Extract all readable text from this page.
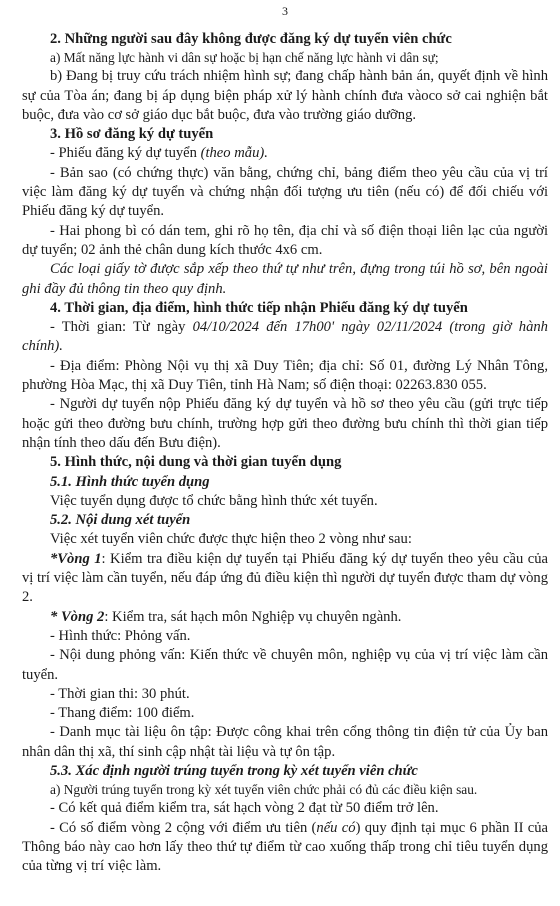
3

2. Những người sau đây không được đăng ký dự tuyển viên chức

a) Mất năng lực hành vi dân sự hoặc bị hạn chế năng lực hành vi dân sự;

b) Đang bị truy cứu trách nhiệm hình sự; đang chấp hành bản án, quyết định về hình sự của Tòa án; đang bị áp dụng biện pháp xử lý hành chính đưa vàoco sở cai nghiện bắt buộc, đưa vào cơ sở giáo dục bắt buộc, đưa vào trường giáo dưỡng.

3. Hồ sơ đăng ký dự tuyển

- Phiếu đăng ký dự tuyển (theo mẫu).

- Bản sao (có chứng thực) văn bằng, chứng chỉ, bảng điểm theo yêu cầu của vị trí việc làm đăng ký dự tuyển và chứng nhận đối tượng ưu tiên (nếu có) để đối chiếu với Phiếu đăng ký dự tuyển.

- Hai phong bì có dán tem, ghi rõ họ tên, địa chỉ và số điện thoại liên lạc của người dự tuyển; 02 ảnh thẻ chân dung kích thước 4x6 cm.

Các loại giấy tờ được sắp xếp theo thứ tự như trên, đựng trong túi hồ sơ, bên ngoài ghi đầy đủ thông tin theo quy định.

4. Thời gian, địa điểm, hình thức tiếp nhận Phiếu đăng ký dự tuyển

- Thời gian: Từ ngày 04/10/2024 đến 17h00' ngày 02/11/2024 (trong giờ hành chính).

- Địa điểm: Phòng Nội vụ thị xã Duy Tiên; địa chỉ: Số 01, đường Lý Nhân Tông, phường Hòa Mạc, thị xã Duy Tiên, tỉnh Hà Nam; số điện thoại: 02263.830 055.

- Người dự tuyển nộp Phiếu đăng ký dự tuyển và hồ sơ theo yêu cầu (gửi trực tiếp hoặc gửi theo đường bưu chính, trường hợp gửi theo đường bưu chính thì thời gian tiếp nhận tính theo dấu đến Bưu điện).

5. Hình thức, nội dung và thời gian tuyển dụng

5.1. Hình thức tuyển dụng

Việc tuyển dụng được tổ chức bằng hình thức xét tuyển.

5.2. Nội dung xét tuyển

Việc xét tuyển viên chức được thực hiện theo 2 vòng như sau:

*Vòng 1: Kiểm tra điều kiện dự tuyển tại Phiếu đăng ký dự tuyển theo yêu cầu của vị trí việc làm cần tuyển, nếu đáp ứng đủ điều kiện thì người dự tuyển được tham dự vòng 2.

* Vòng 2: Kiểm tra, sát hạch môn Nghiệp vụ chuyên ngành.

- Hình thức: Phỏng vấn.

- Nội dung phỏng vấn: Kiến thức về chuyên môn, nghiệp vụ của vị trí việc làm cần tuyển.

- Thời gian thi: 30 phút.

- Thang điểm: 100 điểm.

- Danh mục tài liệu ôn tập: Được công khai trên cổng thông tin điện tử của Ủy ban nhân dân thị xã, thí sinh cập nhật tài liệu và tự ôn tập.

5.3. Xác định người trúng tuyển trong kỳ xét tuyển viên chức

a) Người trúng tuyển trong kỳ xét tuyển viên chức phải có đủ các điều kiện sau.

- Có kết quả điểm kiểm tra, sát hạch vòng 2 đạt từ 50 điểm trở lên.

- Có số điểm vòng 2 cộng với điểm ưu tiên (nếu có) quy định tại mục 6 phần II của Thông báo này cao hơn lấy theo thứ tự điểm từ cao xuống thấp trong chỉ tiêu tuyển dụng của từng vị trí việc làm.
